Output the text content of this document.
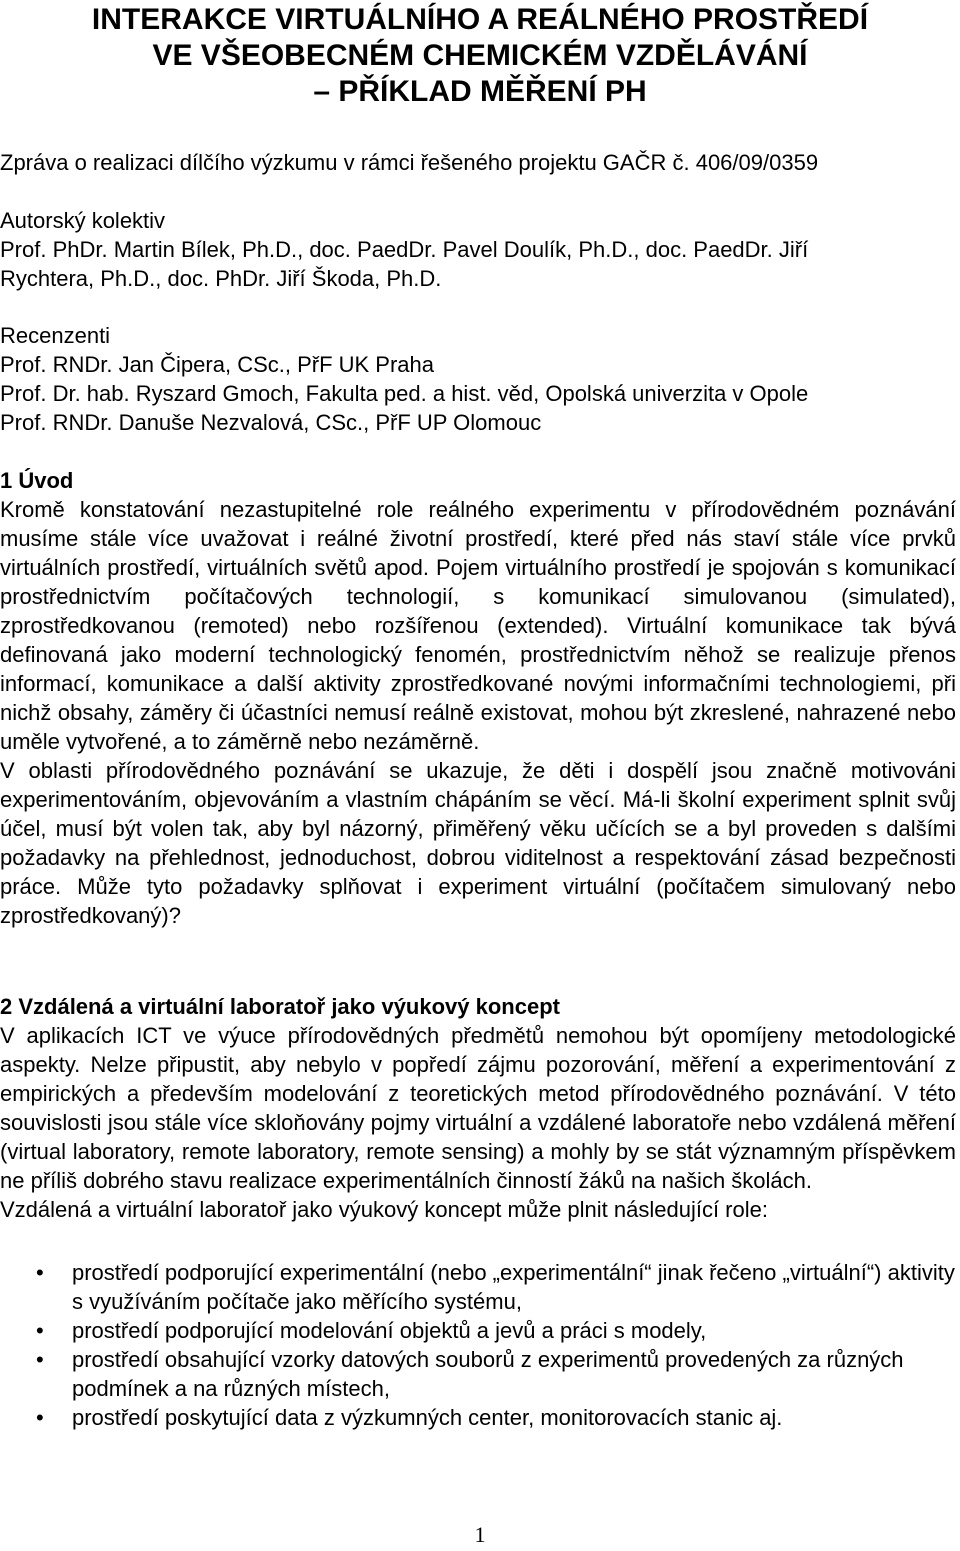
INTERAKCE VIRTUÁLNÍHO A REÁLNÉHO PROSTŘEDÍ
VE VŠEOBECNÉM CHEMICKÉM VZDĚLÁVÁNÍ
– PŘÍKLAD MĚŘENÍ PH
Zpráva o realizaci dílčího výzkumu v rámci řešeného projektu GAČR č. 406/09/0359
Autorský kolektiv
Prof. PhDr. Martin Bílek, Ph.D., doc. PaedDr. Pavel Doulík, Ph.D., doc. PaedDr. Jiří
Rychtera, Ph.D., doc. PhDr. Jiří Škoda, Ph.D.
Recenzenti
Prof. RNDr. Jan Čipera, CSc., PřF UK Praha
Prof. Dr. hab. Ryszard Gmoch, Fakulta ped. a hist. věd, Opolská univerzita v Opole
Prof. RNDr. Danuše Nezvalová, CSc., PřF UP Olomouc

1 Úvod

Kromě konstatování nezastupitelné role reálného experimentu v přírodovědném poznávání musíme stále více uvažovat i reálné životní prostředí, které před nás staví stále více prvků virtuálních prostředí, virtuálních světů apod. Pojem virtuálního prostředí je spojován s komunikací prostřednictvím počítačových technologií, s komunikací simulovanou (simulated), zprostředkovanou (remoted) nebo rozšířenou (extended). Virtuální komunikace tak bývá definovaná jako moderní technologický fenomén, prostřednictvím něhož se realizuje přenos informací, komunikace a další aktivity zprostředkované novými informačními technologiemi, při nichž obsahy, záměry či účastníci nemusí reálně existovat, mohou být zkreslené, nahrazené nebo uměle vytvořené, a to záměrně nebo nezáměrně.

V oblasti přírodovědného poznávání se ukazuje, že děti i dospělí jsou značně motivováni experimentováním, objevováním a vlastním chápáním se věcí. Má-li školní experiment splnit svůj účel, musí být volen tak, aby byl názorný, přiměřený věku učících se a byl proveden s dalšími požadavky na přehlednost, jednoduchost, dobrou viditelnost a respektování zásad bezpečnosti práce. Může tyto požadavky splňovat i experiment virtuální (počítačem simulovaný nebo zprostředkovaný)?

2 Vzdálená a virtuální laboratoř jako výukový koncept

V aplikacích ICT ve výuce přírodovědných předmětů nemohou být opomíjeny metodologické aspekty. Nelze připustit, aby nebylo v popředí zájmu pozorování, měření a experimentování z empirických a především modelování z teoretických metod přírodovědného poznávání. V této souvislosti jsou stále více skloňovány pojmy virtuální a vzdálené laboratoře nebo vzdálená měření (virtual laboratory, remote laboratory, remote sensing) a mohly by se stát významným příspěvkem ne příliš dobrého stavu realizace experimentálních činností žáků na našich školách.

Vzdálená a virtuální laboratoř jako výukový koncept může plnit následující role:

• prostředí podporující experimentální (nebo „experimentální“ jinak řečeno „virtuální“) aktivity s využíváním počítače jako měřícího systému,
• prostředí podporující modelování objektů a jevů a práci s modely,
• prostředí obsahující vzorky datových souborů z experimentů provedených za různých podmínek a na různých místech,
• prostředí poskytující data z výzkumných center, monitorovacích stanic aj.
1
